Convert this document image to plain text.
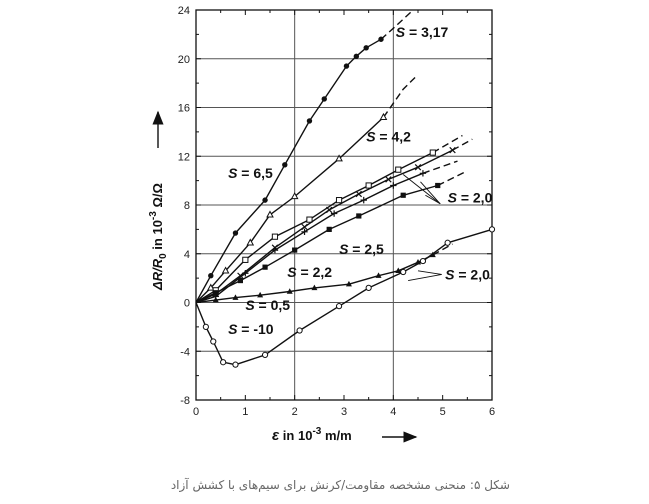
0	1	2	3	4	5	6
-8
-4
0
4
8
12
16
20
24
S = 3,17
S = 4,2
S = 6,5
S = 2,0
S = 2,5
S = 2,2
S = 0,5
S = -10
S = 2,0
ε in $10^{-3}$ m/m
$\Delta R/R_0$ in $10^{-3}$ Ω/Ω
شکل ۵: منحنی مشخصه مقاومت/کرنش برای سیم‌های با کشش آزاد
